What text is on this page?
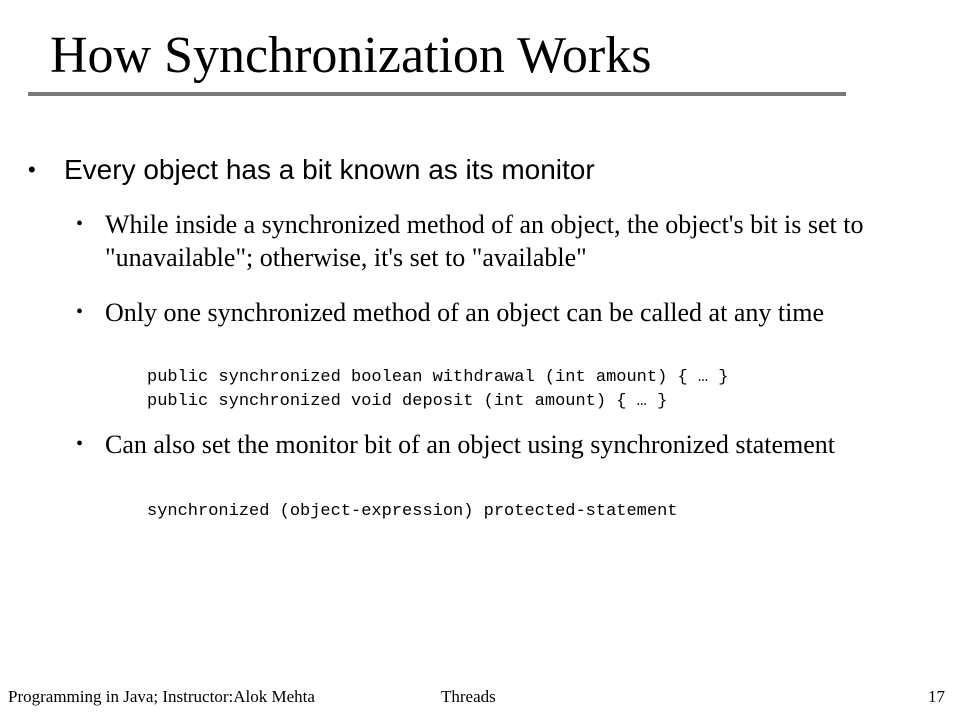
How Synchronization Works
• Every object has a bit known as its monitor
• While inside a synchronized method of an object, the object's bit is set to "unavailable"; otherwise, it's set to "available"
• Only one synchronized method of an object can be called at any time
public synchronized boolean withdrawal (int amount) { … }
public synchronized void deposit (int amount) { … }
• Can also set the monitor bit of an object using synchronized statement
synchronized (object-expression) protected-statement
Programming in Java; Instructor:Alok Mehta	Threads	17
